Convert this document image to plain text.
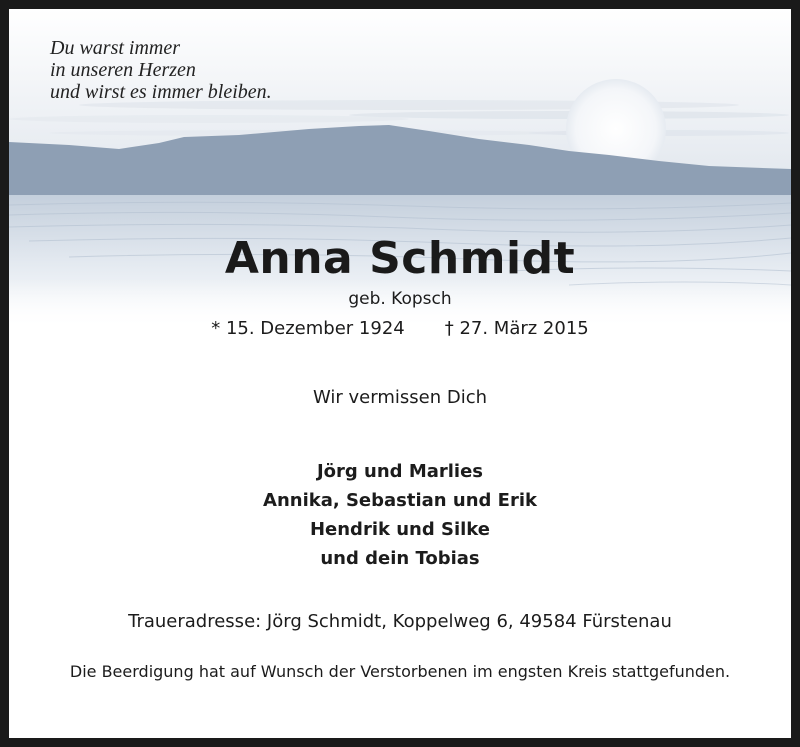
Du warst immer
in unseren Herzen
und wirst es immer bleiben.
Anna Schmidt
geb. Kopsch
* 15. Dezember 1924 † 27. März 2015
Wir vermissen Dich
Jörg und Marlies
Annika, Sebastian und Erik
Hendrik und Silke
und dein Tobias
Traueradresse: Jörg Schmidt, Koppelweg 6, 49584 Fürstenau
Die Beerdigung hat auf Wunsch der Verstorbenen im engsten Kreis stattgefunden.
